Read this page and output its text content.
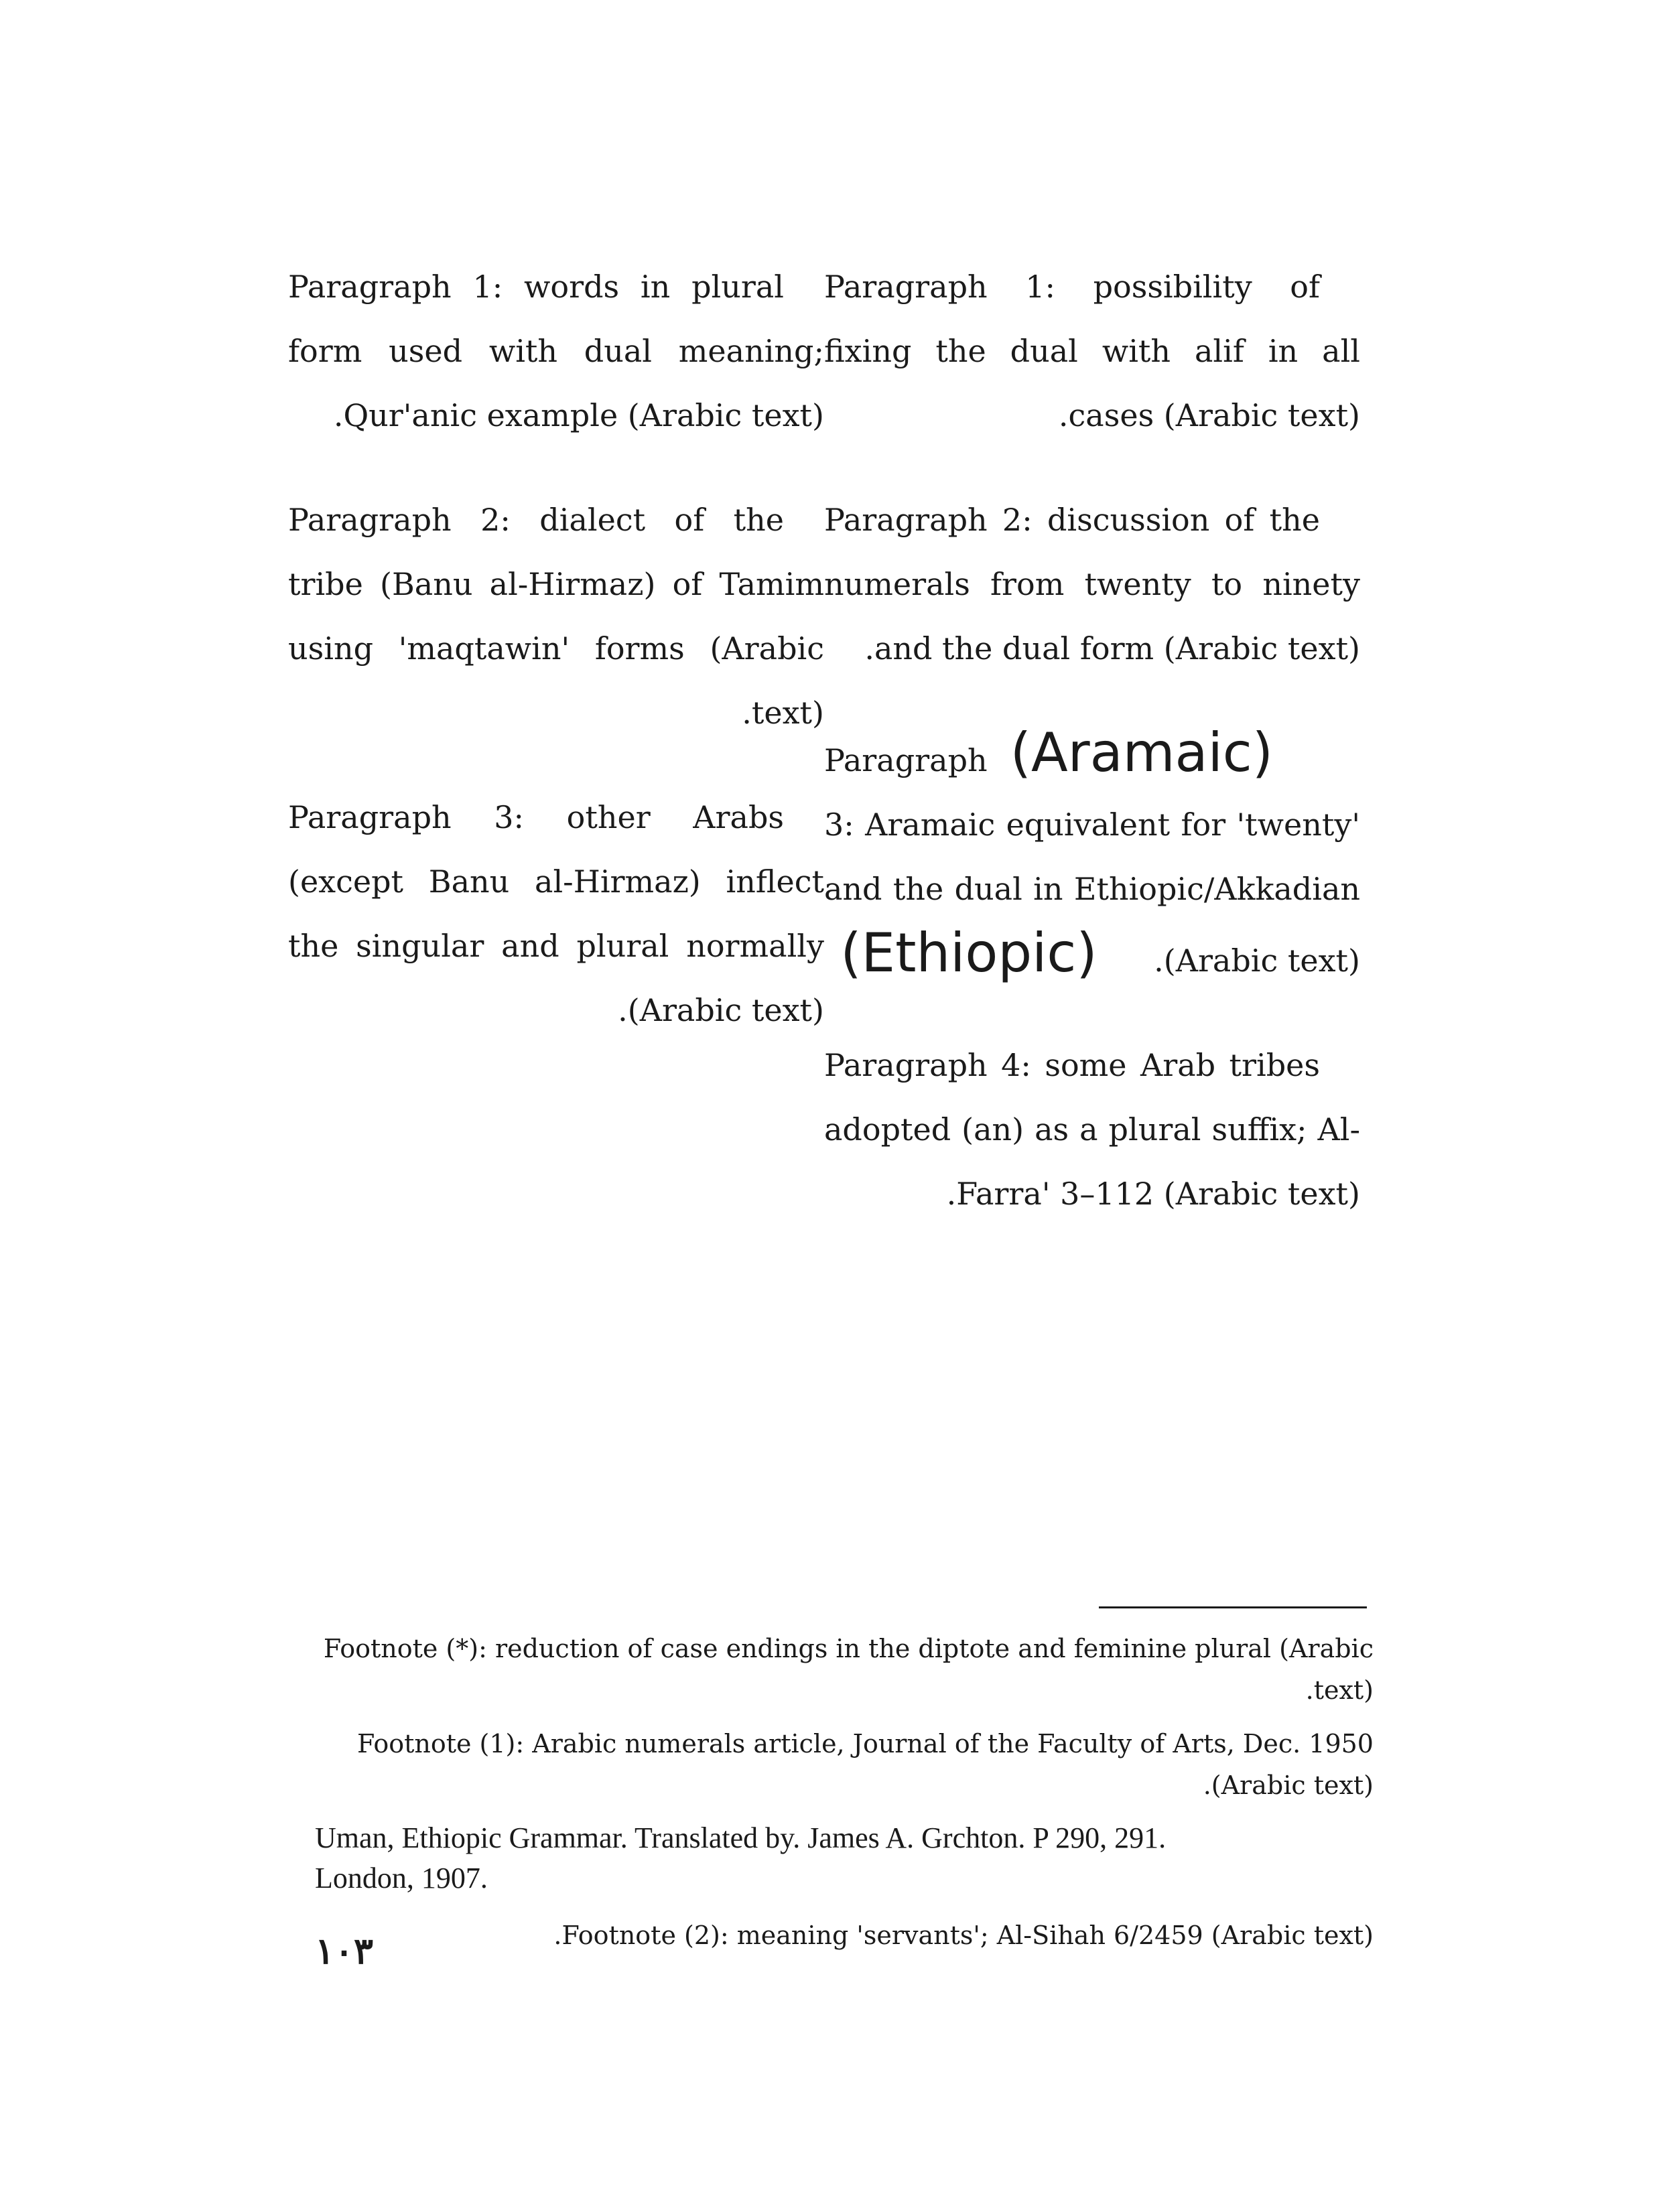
Paragraph 1: possibility of fixing the dual with alif in all cases (Arabic text).

Paragraph 2: discussion of the numerals from twenty to ninety and the dual form (Arabic text).

(Aramaic) Paragraph 3: Aramaic equivalent for 'twenty' and the dual in Ethiopic/Akkadian (Arabic text). (Ethiopic)

Paragraph 4: some Arab tribes adopted (an) as a plural suffix; Al-Farra' 3–112 (Arabic text).

Paragraph 1: words in plural form used with dual meaning; Qur'anic example (Arabic text).

Paragraph 2: dialect of the tribe (Banu al-Hirmaz) of Tamim using 'maqtawin' forms (Arabic text).

Paragraph 3: other Arabs (except Banu al-Hirmaz) inflect the singular and plural normally (Arabic text).

Footnote (*): reduction of case endings in the diptote and feminine plural (Arabic text).

Footnote (1): Arabic numerals article, Journal of the Faculty of Arts, Dec. 1950 (Arabic text).

Uman, Ethiopic Grammar. Translated by. James A. Grchton. P 290, 291.
London, 1907.

Footnote (2): meaning 'servants'; Al-Sihah 6/2459 (Arabic text).

١٠٣
